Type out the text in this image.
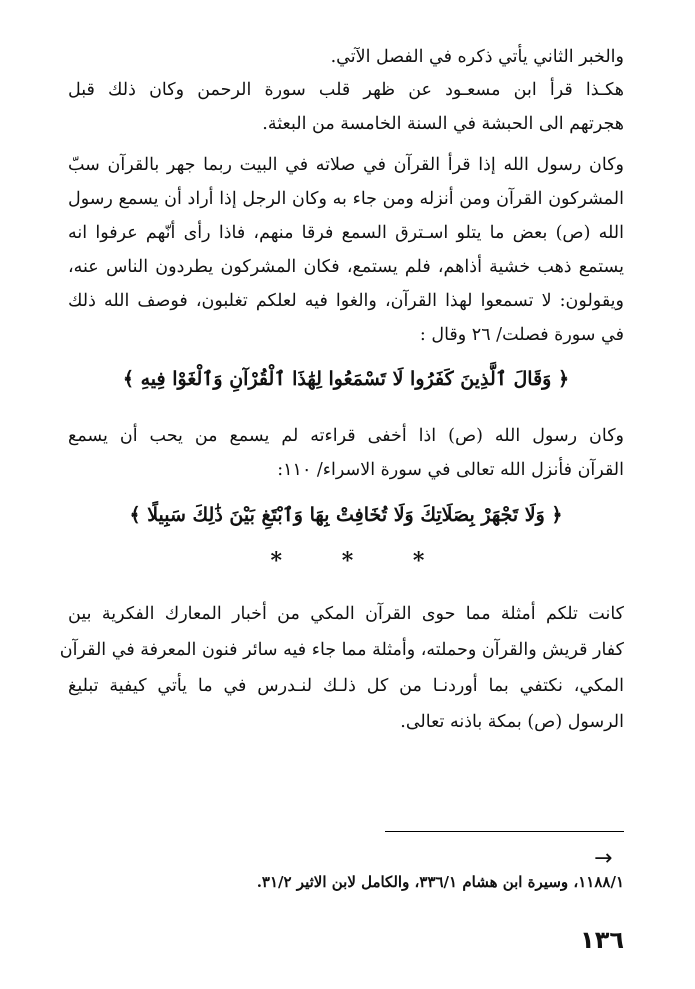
والخبر الثاني يأتي ذكره في الفصل الآتي.
هكـذا قرأ ابن مسعـود عن ظهر قلب سورة الرحمن وكان ذلك قبل
هجرتهم الى الحبشة في السنة الخامسة من البعثة.
وكان رسول الله إذا قرأ القرآن في صلاته في البيت ربما جهر بالقرآن سبّ
المشركون القرآن ومن أنزله ومن جاء به وكان الرجل إذا أراد أن يسمع رسول
الله (ص) بعض ما يتلو اسـترق السمع فرقا منهم، فاذا رأى أنّهم عرفوا انه
يستمع ذهب خشية أذاهم، فلم يستمع، فكان المشركون يطردون الناس عنه،
ويقولون: لا تسمعوا لهذا القرآن، والغوا فيه لعلكم تغلبون، فوصف الله ذلك
في سورة فصلت/ ٢٦ وقال :
﴿ وَقَالَ ٱلَّذِينَ كَفَرُوا لَا تَسْمَعُوا لِهَٰذَا ٱلْقُرْآنِ وَٱلْغَوْا فِيهِ ﴾
وكان رسول الله (ص) اذا أخفى قراءته لم يسمع من يحب أن يسمع
القرآن فأنزل الله تعالى في سورة الاسراء/ ١١٠:
﴿ وَلَا تَجْهَرْ بِصَلَاتِكَ وَلَا تُخَافِتْ بِهَا وَٱبْتَغِ بَيْنَ ذَٰلِكَ سَبِيلًا ﴾
*	*	*
كانت تلكم أمثلة مما حوى القرآن المكي من أخبار المعارك الفكرية بين
كفار قريش والقرآن وحملته، وأمثلة مما جاء فيه سائر فنون المعرفة في القرآن
المكي، نكتفي بما أوردنـا من كل ذلـك لنـدرس في ما يأتي كيفية تبليغ
الرسول (ص) بمكة باذنه تعالى.
→
١١٨٨/١، وسيرة ابن هشام ٣٣٦/١، والكامل لابن الاثير ٣١/٢.
١٣٦
